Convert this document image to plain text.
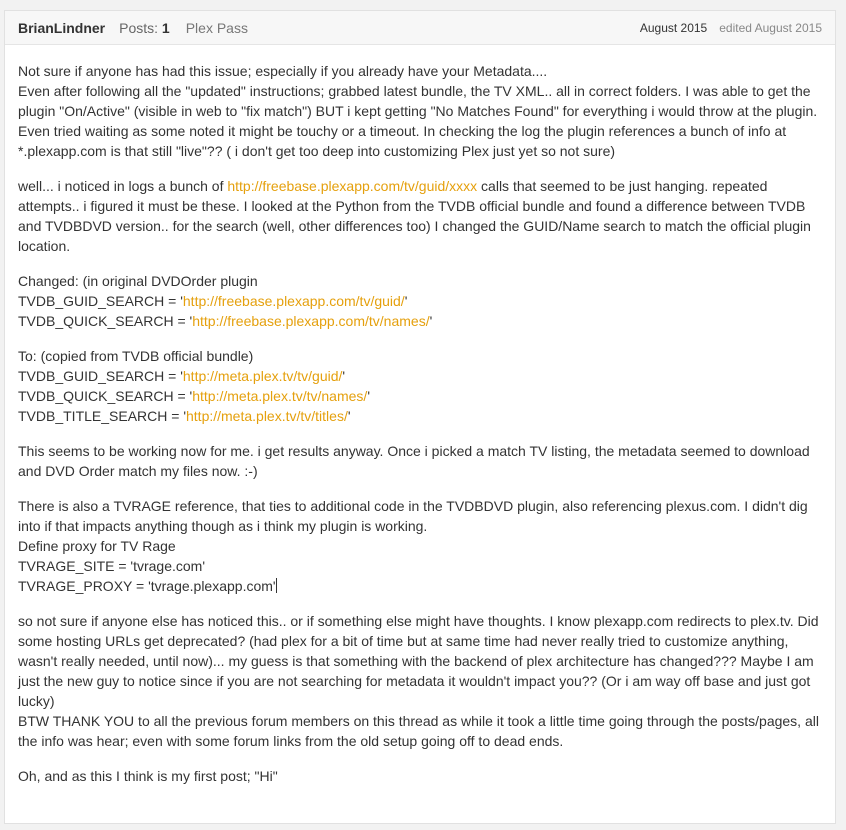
BrianLindner Posts: 1 Plex Pass	August 2015 edited August 2015

Not sure if anyone has had this issue; especially if you already have your Metadata....
Even after following all the "updated" instructions; grabbed latest bundle, the TV XML.. all in correct folders. I was able to get the plugin "On/Active" (visible in web to "fix match") BUT i kept getting "No Matches Found" for everything i would throw at the plugin. Even tried waiting as some noted it might be touchy or a timeout. In checking the log the plugin references a bunch of info at *.plexapp.com is that still "live"?? ( i don't get too deep into customizing Plex just yet so not sure)

well... i noticed in logs a bunch of http://freebase.plexapp.com/tv/guid/xxxx calls that seemed to be just hanging. repeated attempts.. i figured it must be these. I looked at the Python from the TVDB official bundle and found a difference between TVDB and TVDBDVD version.. for the search (well, other differences too) I changed the GUID/Name search to match the official plugin location.

Changed: (in original DVDOrder plugin
TVDB_GUID_SEARCH = 'http://freebase.plexapp.com/tv/guid/'
TVDB_QUICK_SEARCH = 'http://freebase.plexapp.com/tv/names/'

To: (copied from TVDB official bundle)
TVDB_GUID_SEARCH = 'http://meta.plex.tv/tv/guid/'
TVDB_QUICK_SEARCH = 'http://meta.plex.tv/tv/names/'
TVDB_TITLE_SEARCH = 'http://meta.plex.tv/tv/titles/'

This seems to be working now for me. i get results anyway. Once i picked a match TV listing, the metadata seemed to download and DVD Order match my files now. :-)

There is also a TVRAGE reference, that ties to additional code in the TVDBDVD plugin, also referencing plexus.com. I didn't dig into if that impacts anything though as i think my plugin is working.
Define proxy for TV Rage
TVRAGE_SITE = 'tvrage.com'
TVRAGE_PROXY = 'tvrage.plexapp.com'

so not sure if anyone else has noticed this.. or if something else might have thoughts. I know plexapp.com redirects to plex.tv. Did some hosting URLs get deprecated? (had plex for a bit of time but at same time had never really tried to customize anything, wasn't really needed, until now)... my guess is that something with the backend of plex architecture has changed??? Maybe I am just the new guy to notice since if you are not searching for metadata it wouldn't impact you?? (Or i am way off base and just got lucky)
BTW THANK YOU to all the previous forum members on this thread as while it took a little time going through the posts/pages, all the info was hear; even with some forum links from the old setup going off to dead ends.

Oh, and as this I think is my first post; "Hi"
